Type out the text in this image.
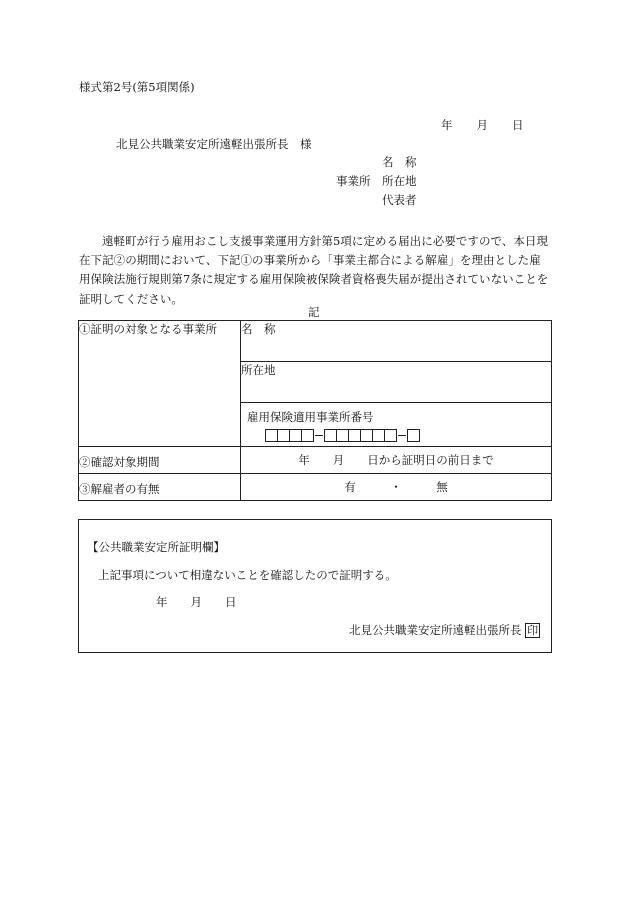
様式第2号(第5項関係)
年 月 日
北見公共職業安定所遠軽出張所長　様
名　称
事業所	所在地
代表者
遠軽町が行う雇用おこし支援事業運用方針第5項に定める届出に必要ですので、本日現在下記②の期間において、下記①の事業所から「事業主都合による解雇」を理由とした雇用保険法施行規則第7条に規定する雇用保険被保険者資格喪失届が提出されていないことを証明してください。
記
①証明の対象となる事業所	名　称
	所在地

	雇用保険適用事業所番号

②確認対象期間	年　　月　　日から証明日の前日まで
③解雇者の有無	有　　　・　　　無
【公共職業安定所証明欄】
上記事項について相違ないことを確認したので証明する。
年　　月　　日
北見公共職業安定所遠軽出張所長 印
